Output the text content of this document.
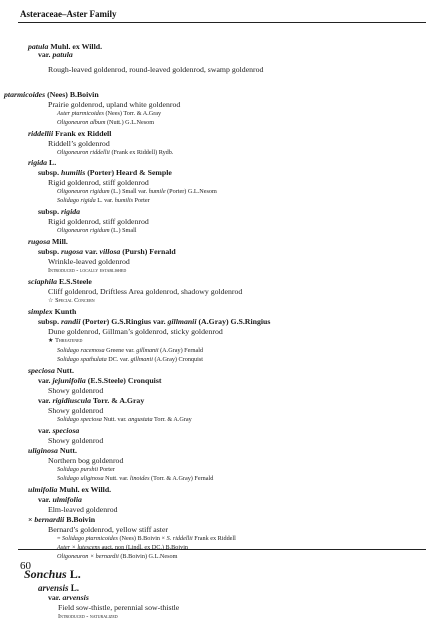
Asteraceae–Aster Family
patula Muhl. ex Willd.
var. patula
Rough-leaved goldenrod, round-leaved goldenrod, swamp goldenrod
ptarmicoides (Nees) B.Boivin
Prairie goldenrod, upland white goldenrod
Aster ptarmicoides (Nees) Torr. & A.Gray
Oligoneuron album (Nutt.) G.L.Nesom
riddellii Frank ex Riddell
Riddell’s goldenrod
Oligoneuron riddellii (Frank ex Riddell) Rydb.
rigida L.
subsp. humilis (Porter) Heard & Semple
Rigid goldenrod, stiff goldenrod
Oligoneuron rigidum (L.) Small var. humile (Porter) G.L.Nesom
Solidago rigida L. var. humilis Porter
subsp. rigida
Rigid goldenrod, stiff goldenrod
Oligoneuron rigidum (L.) Small
rugosa Mill.
subsp. rugosa var. villosa (Pursh) Fernald
Wrinkle-leaved goldenrod
Introduced - locally established
sciaphila E.S.Steele
Cliff goldenrod, Driftless Area goldenrod, shadowy goldenrod
☆ Special Concern
simplex Kunth
subsp. randii (Porter) G.S.Ringius var. gillmanii (A.Gray) G.S.Ringius
Dune goldenrod, Gillman’s goldenrod, sticky goldenrod
★ Threatened
Solidago racemosa Greene var. gillmanii (A.Gray) Fernald
Solidago spathulata DC. var. gillmanii (A.Gray) Cronquist
speciosa Nutt.
var. jejunifolia (E.S.Steele) Cronquist
Showy goldenrod
var. rigidiuscula Torr. & A.Gray
Showy goldenrod
Solidago speciosa Nutt. var. angustata Torr. & A.Gray
var. speciosa
Showy goldenrod
uliginosa Nutt.
Northern bog goldenrod
Solidago purshii Porter
Solidago uliginosa Nutt. var. linoides (Torr. & A.Gray) Fernald
ulmifolia Muhl. ex Willd.
var. ulmifolia
Elm-leaved goldenrod
× bernardii B.Boivin
Bernard’s goldenrod, yellow stiff aster
= Solidago ptarmicoides (Nees) B.Boivin × S. riddellii Frank ex Riddell
Aster × lutescens auct. non (Lindl. ex DC.) B.Boivin
Oligoneuron × bernardii (B.Boivin) G.L.Nesom
Sonchus L.
arvensis L.
var. arvensis
Field sow-thistle, perennial sow-thistle
Introduced - naturalized
60
